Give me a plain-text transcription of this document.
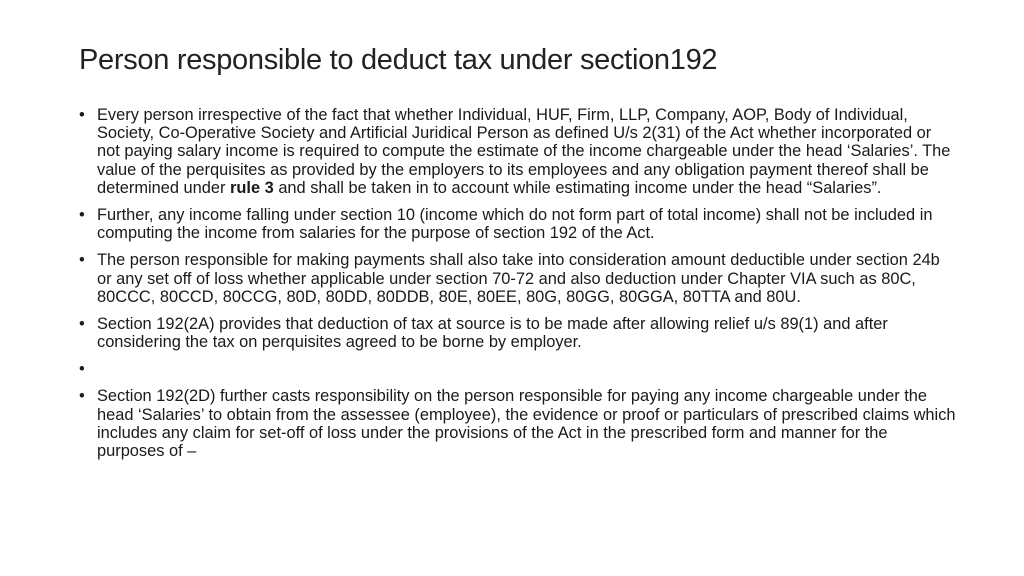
Person responsible to deduct tax under section192
• Every person irrespective of the fact that whether Individual, HUF, Firm, LLP, Company, AOP, Body of Individual, Society, Co-Operative Society and Artificial Juridical Person as defined U/s 2(31) of the Act whether incorporated or not paying salary income is required to compute the estimate of the income chargeable under the head ‘Salaries’. The value of the perquisites as provided by the employers to its employees and any obligation payment thereof shall be determined under rule 3 and shall be taken in to account while estimating income under the head “Salaries”.
• Further, any income falling under section 10 (income which do not form part of total income) shall not be included in computing the income from salaries for the purpose of section 192 of the Act.
• The person responsible for making payments shall also take into consideration amount deductible under section 24b or any set off of loss whether applicable under section 70-72 and also deduction under Chapter VIA such as 80C, 80CCC, 80CCD, 80CCG, 80D, 80DD, 80DDB, 80E, 80EE, 80G, 80GG, 80GGA, 80TTA and 80U.
• Section 192(2A) provides that deduction of tax at source is to be made after allowing relief u/s 89(1) and after considering the tax on perquisites agreed to be borne by employer.
•
• Section 192(2D) further casts responsibility on the person responsible for paying any income chargeable under the head ‘Salaries’ to obtain from the assessee (employee), the evidence or proof or particulars of prescribed claims which includes any claim for set-off of loss under the provisions of the Act in the prescribed form and manner for the purposes of –
